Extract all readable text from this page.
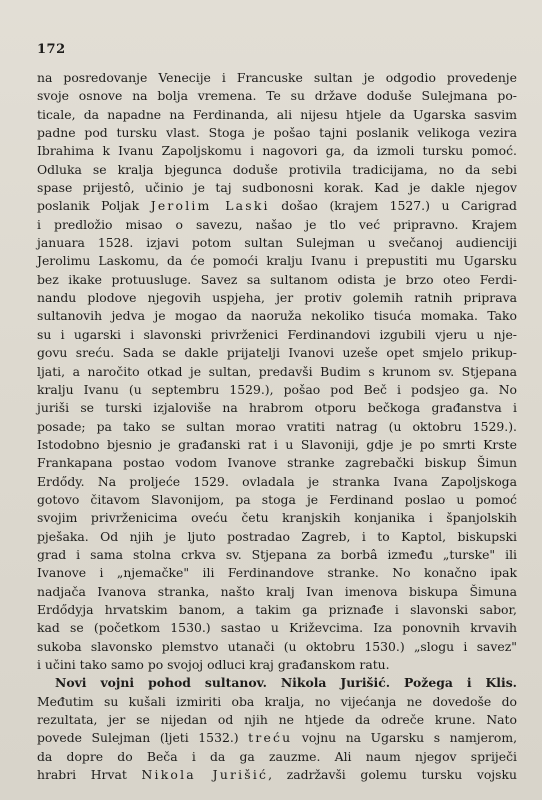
172
na posredovanje Venecije i Francuske sultan je odgodio provedenje
svoje osnove na bolja vremena. Te su države doduše Sulejmana po-
ticale, da napadne na Ferdinanda, ali nijesu htjele da Ugarska sasvim
padne pod tursku vlast. Stoga je pošao tajni poslanik velikoga vezira
Ibrahima k Ivanu Zapoljskomu i nagovori ga, da izmoli tursku pomoć.
Odluka se kralja bjegunca doduše protivila tradicijama, no da sebi
spase prijestô, učinio je taj sudbonosni korak. Kad je dakle njegov
poslanik Poljak Jerolim Laski došao (krajem 1527.) u Carigrad
i predložio misao o savezu, našao je tlo već pripravno. Krajem
januara 1528. izjavi potom sultan Sulejman u svečanoj audienciji
Jerolimu Laskomu, da će pomoći kralju Ivanu i prepustiti mu Ugarsku
bez ikake protuusluge. Savez sa sultanom odista je brzo oteo Ferdi-
nandu plodove njegovih uspjeha, jer protiv golemih ratnih priprava
sultanovih jedva je mogao da naoruža nekoliko tisuća momaka. Tako
su i ugarski i slavonski privrženici Ferdinandovi izgubili vjeru u nje-
govu sreću. Sada se dakle prijatelji Ivanovi uzeše opet smjelo prikup-
ljati, a naročito otkad je sultan, predavši Budim s krunom sv. Stjepana
kralju Ivanu (u septembru 1529.), pošao pod Beč i podsjeo ga. No
juriši se turski izjaloviše na hrabrom otporu bečkoga građanstva i
posade; pa tako se sultan morao vratiti natrag (u oktobru 1529.).
Istodobno bjesnio je građanski rat i u Slavoniji, gdje je po smrti Krste
Frankapana postao vodom Ivanove stranke zagrebački biskup Šimun
Erdődy. Na proljeće 1529. ovladala je stranka Ivana Zapoljskoga
gotovo čitavom Slavonijom, pa stoga je Ferdinand poslao u pomoć
svojim privrženicima oveću četu kranjskih konjanika i španjolskih
pješaka. Od njih je ljuto postradao Zagreb, i to Kaptol, biskupski
grad i sama stolna crkva sv. Stjepana za borbâ između „turske" ili
Ivanove i „njemačke" ili Ferdinandove stranke. No konačno ipak
nadjača Ivanova stranka, našto kralj Ivan imenova biskupa Šimuna
Erdődyja hrvatskim banom, a takim ga priznađe i slavonski sabor,
kad se (početkom 1530.) sastao u Križevcima. Iza ponovnih krvavih
sukoba slavonsko plemstvo utanači (u oktobru 1530.) „slogu i savez"
i učini tako samo po svojoj odluci kraj građanskom ratu.
Novi vojni pohod sultanov. Nikola Jurišić. Požega i Klis.
Međutim su kušali izmiriti oba kralja, no vijećanja ne dovedoše do
rezultata, jer se nijedan od njih ne htjede da odreče krune. Nato
povede Sulejman (ljeti 1532.) treću vojnu na Ugarsku s namjerom,
da dopre do Beča i da ga zauzme. Ali naum njegov spriječi
hrabri Hrvat Nikola Jurišić, zadržavši golemu tursku vojsku
